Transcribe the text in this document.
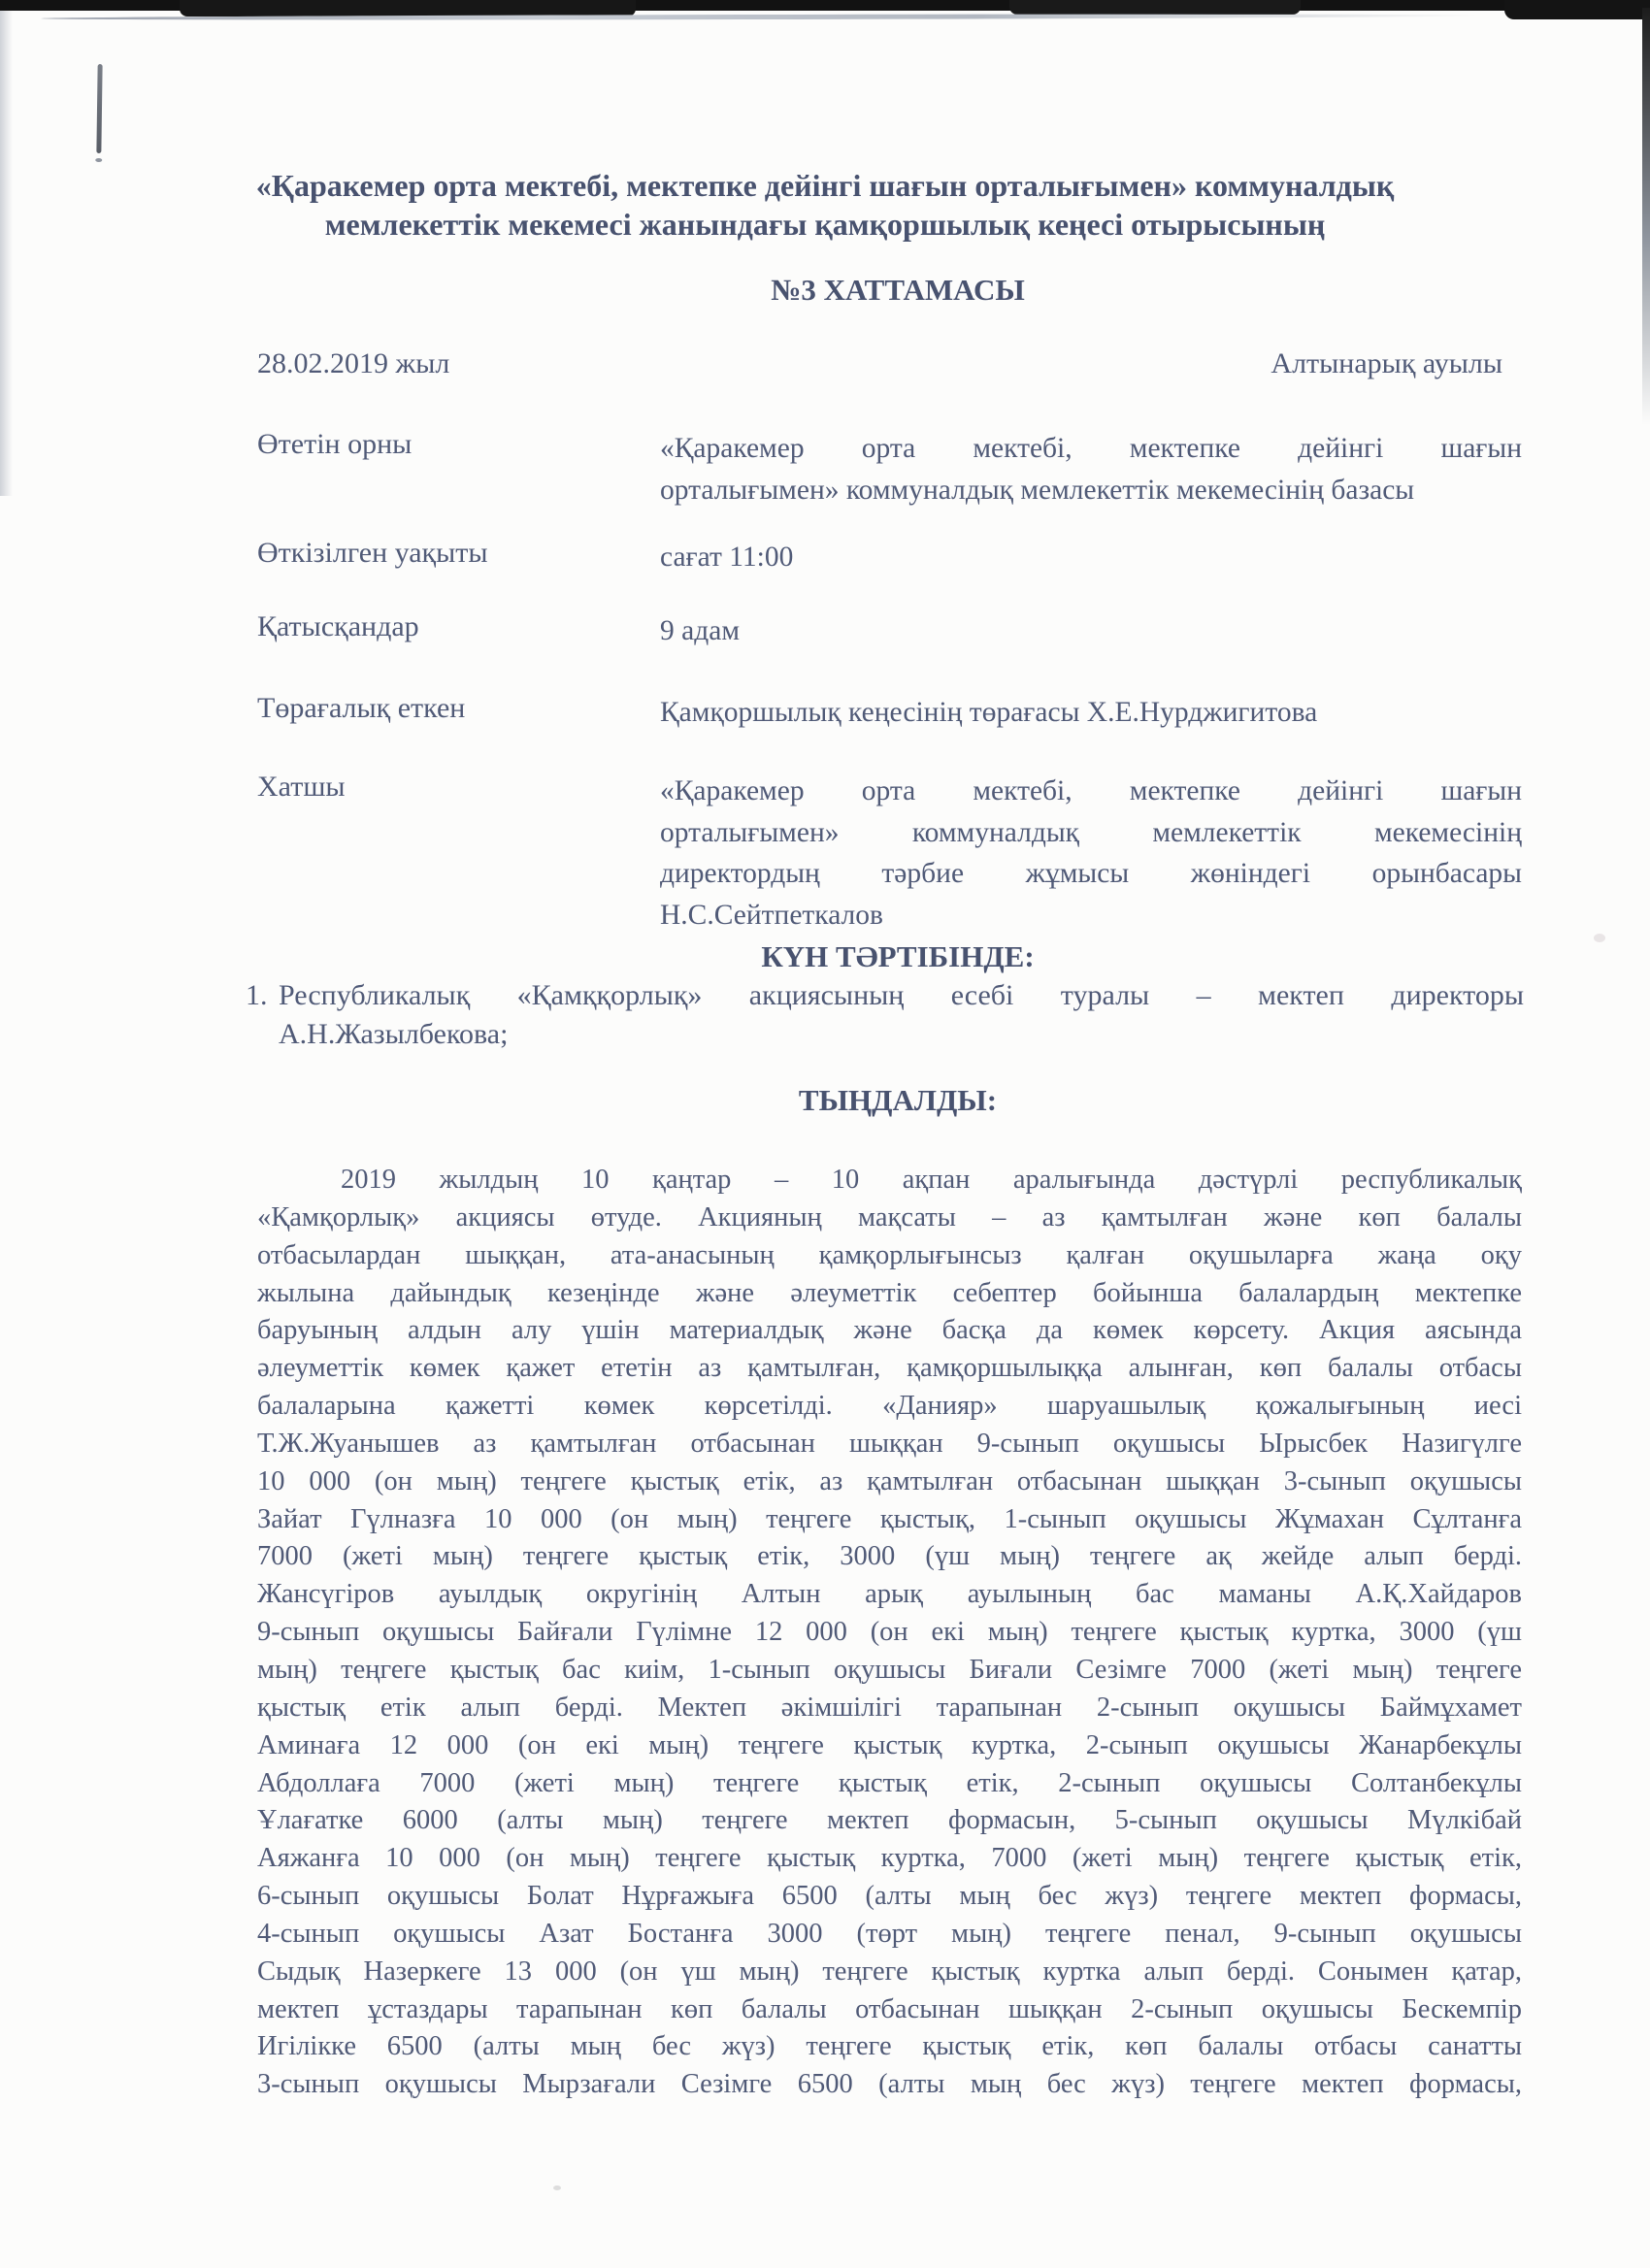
«Қаракемер орта мектебі, мектепке дейінгі шағын орталығымен» коммуналдық
мемлекеттік мекемесі жанындағы қамқоршылық кеңесі отырысының
№3 ХАТТАМАСЫ
28.02.2019 жыл	Алтынарық ауылы
Өтетін орны	«Қаракемер орта мектебі, мектепке дейінгі шағын
орталығымен» коммуналдық мемлекеттік мекемесінің базасы
Өткізілген уақыты	сағат 11:00
Қатысқандар	9 адам
Төрағалық еткен	Қамқоршылық кеңесінің төрағасы Х.Е.Нурджигитова
Хатшы	«Қаракемер орта мектебі, мектепке дейінгі шағын
орталығымен» коммуналдық мемлекеттік мекемесінің
директордың тәрбие жұмысы жөніндегі орынбасары
Н.С.Сейтпеткалов
КҮН ТӘРТІБІНДЕ:
1. Республикалық «Қамққорлық» акциясының есебі туралы – мектеп директоры
А.Н.Жазылбекова;
ТЫҢДАЛДЫ:
2019 жылдың 10 қаңтар – 10 ақпан аралығында дәстүрлі республикалық
«Қамқорлық» акциясы өтуде. Акцияның мақсаты – аз қамтылған және көп балалы
отбасылардан шыққан, ата-анасының қамқорлығынсыз қалған оқушыларға жаңа оқу
жылына дайындық кезеңінде және әлеуметтік себептер бойынша балалардың мектепке
баруының алдын алу үшін материалдық және басқа да көмек көрсету. Акция аясында
әлеуметтік көмек қажет ететін аз қамтылған, қамқоршылыққа алынған, көп балалы отбасы
балаларына қажетті көмек көрсетілді. «Данияр» шаруашылық қожалығының иесі
Т.Ж.Жуанышев аз қамтылған отбасынан шыққан 9-сынып оқушысы Ырысбек Назигүлге
10 000 (он мың) теңгеге қыстық етік, аз қамтылған отбасынан шыққан 3-сынып оқушысы
Зайат Гүлназға 10 000 (он мың) теңгеге қыстық, 1-сынып оқушысы Жұмахан Сұлтанға
7000 (жеті мың) теңгеге қыстық етік, 3000 (үш мың) теңгеге ақ жейде алып берді.
Жансүгіров ауылдық округінің Алтын арық ауылының бас маманы А.Қ.Хайдаров
9-сынып оқушысы Байғали Гүлімне 12 000 (он екі мың) теңгеге қыстық куртка, 3000 (үш
мың) теңгеге қыстық бас киім, 1-сынып оқушысы Биғали Сезімге 7000 (жеті мың) теңгеге
қыстық етік алып берді. Мектеп әкімшілігі тарапынан 2-сынып оқушысы Баймұхамет
Аминаға 12 000 (он екі мың) теңгеге қыстық куртка, 2-сынып оқушысы Жанарбекұлы
Абдоллаға 7000 (жеті мың) теңгеге қыстық етік, 2-сынып оқушысы Солтанбекұлы
Ұлағатке 6000 (алты мың) теңгеге мектеп формасын, 5-сынып оқушысы Мүлкібай
Аяжанға 10 000 (он мың) теңгеге қыстық куртка, 7000 (жеті мың) теңгеге қыстық етік,
6-сынып оқушысы Болат Нұрғажыға 6500 (алты мың бес жүз) теңгеге мектеп формасы,
4-сынып оқушысы Азат Бостанға 3000 (төрт мың) теңгеге пенал, 9-сынып оқушысы
Сыдық Назеркеге 13 000 (он үш мың) теңгеге қыстық куртка алып берді. Сонымен қатар,
мектеп ұстаздары тарапынан көп балалы отбасынан шыққан 2-сынып оқушысы Бескемпір
Игілікке 6500 (алты мың бес жүз) теңгеге қыстық етік, көп балалы отбасы санатты
3-сынып оқушысы Мырзағали Сезімге 6500 (алты мың бес жүз) теңгеге мектеп формасы,
